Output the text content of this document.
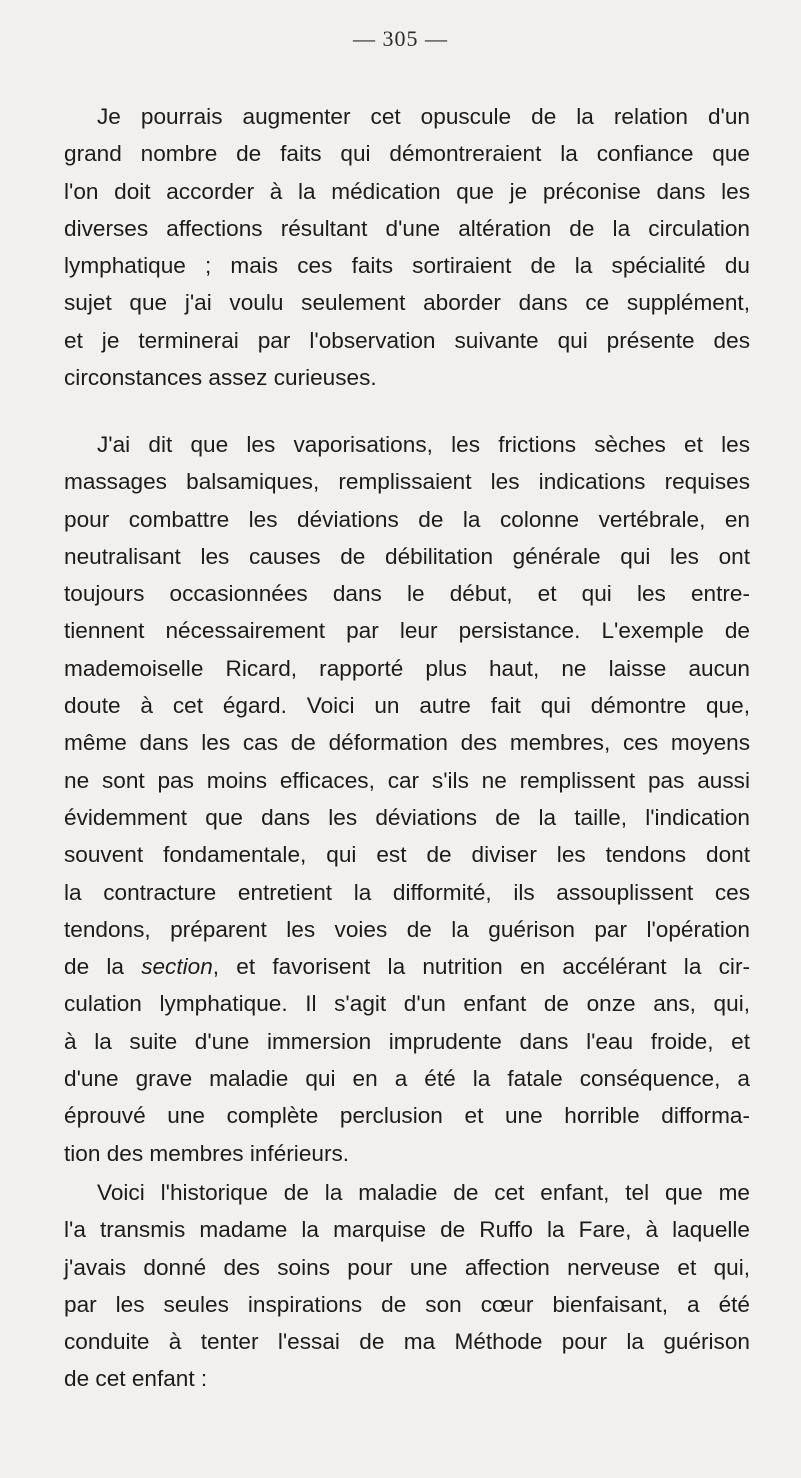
— 305 —
Je pourrais augmenter cet opuscule de la relation d'un
grand nombre de faits qui démontreraient la confiance que
l'on doit accorder à la médication que je préconise dans les
diverses affections résultant d'une altération de la circulation
lymphatique ; mais ces faits sortiraient de la spécialité du
sujet que j'ai voulu seulement aborder dans ce supplément,
et je terminerai par l'observation suivante qui présente des
circonstances assez curieuses.
J'ai dit que les vaporisations, les frictions sèches et les
massages balsamiques, remplissaient les indications requises
pour combattre les déviations de la colonne vertébrale, en
neutralisant les causes de débilitation générale qui les ont
toujours occasionnées dans le début, et qui les entre-
tiennent nécessairement par leur persistance. L'exemple de
mademoiselle Ricard, rapporté plus haut, ne laisse aucun
doute à cet égard. Voici un autre fait qui démontre que,
même dans les cas de déformation des membres, ces moyens
ne sont pas moins efficaces, car s'ils ne remplissent pas aussi
évidemment que dans les déviations de la taille, l'indication
souvent fondamentale, qui est de diviser les tendons dont
la contracture entretient la difformité, ils assouplissent ces
tendons, préparent les voies de la guérison par l'opération
de la section, et favorisent la nutrition en accélérant la cir-
culation lymphatique. Il s'agit d'un enfant de onze ans, qui,
à la suite d'une immersion imprudente dans l'eau froide, et
d'une grave maladie qui en a été la fatale conséquence, a
éprouvé une complète perclusion et une horrible difforma-
tion des membres inférieurs.
Voici l'historique de la maladie de cet enfant, tel que me
l'a transmis madame la marquise de Ruffo la Fare, à laquelle
j'avais donné des soins pour une affection nerveuse et qui,
par les seules inspirations de son cœur bienfaisant, a été
conduite à tenter l'essai de ma Méthode pour la guérison
de cet enfant :
